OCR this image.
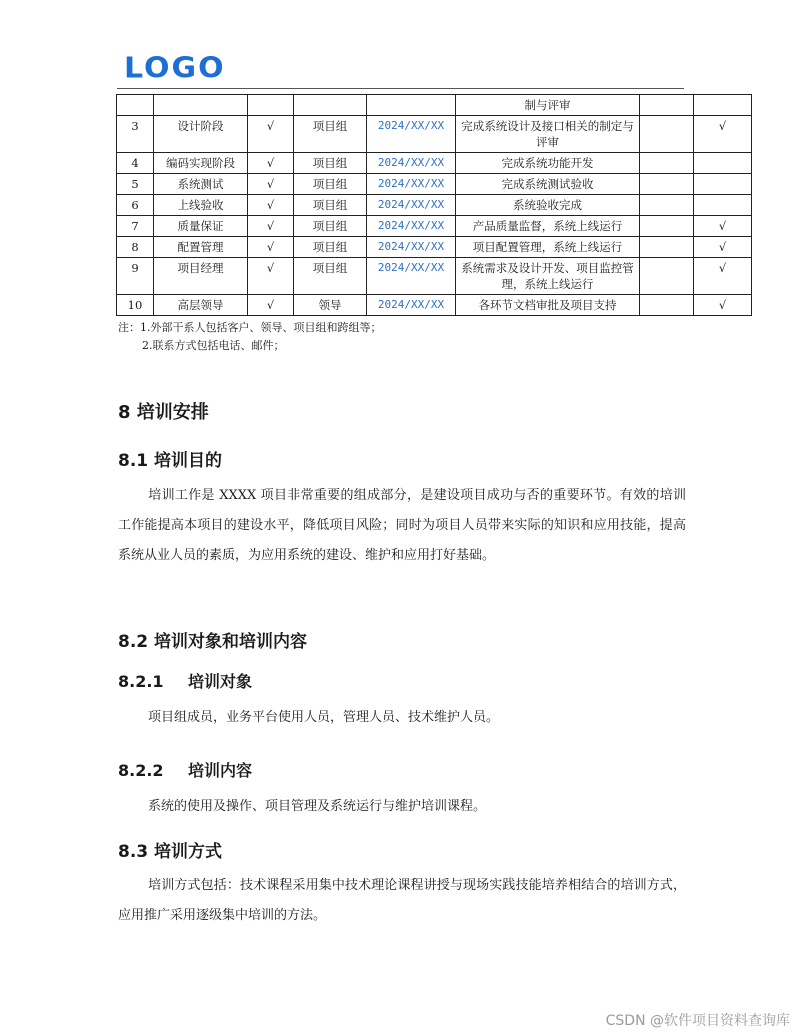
LOGO
					制与评审		
3	设计阶段	√	项目组	2024/XX/XX	完成系统设计及接口相关的制定与评审		√
4	编码实现阶段	√	项目组	2024/XX/XX	完成系统功能开发		
5	系统测试	√	项目组	2024/XX/XX	完成系统测试验收		
6	上线验收	√	项目组	2024/XX/XX	系统验收完成		
7	质量保证	√	项目组	2024/XX/XX	产品质量监督，系统上线运行		√
8	配置管理	√	项目组	2024/XX/XX	项目配置管理，系统上线运行		√
9	项目经理	√	项目组	2024/XX/XX	系统需求及设计开发、项目监控管理，系统上线运行		√
10	高层领导	√	领导	2024/XX/XX	各环节文档审批及项目支持		√
注：1.外部干系人包括客户、领导、项目组和跨组等；
2.联系方式包括电话、邮件；
8 培训安排
8.1 培训目的

培训工作是 XXXX 项目非常重要的组成部分，是建设项目成功与否的重要环节。有效的培训工作能提高本项目的建设水平，降低项目风险；同时为项目人员带来实际的知识和应用技能，提高系统从业人员的素质，为应用系统的建设、维护和应用打好基础。

8.2 培训对象和培训内容
8.2.1 培训对象

项目组成员，业务平台使用人员，管理人员、技术维护人员。

8.2.2 培训内容

系统的使用及操作、项目管理及系统运行与维护培训课程。

8.3 培训方式

培训方式包括：技术课程采用集中技术理论课程讲授与现场实践技能培养相结合的培训方式，应用推广采用逐级集中培训的方法。

CSDN @软件项目资料查询库
